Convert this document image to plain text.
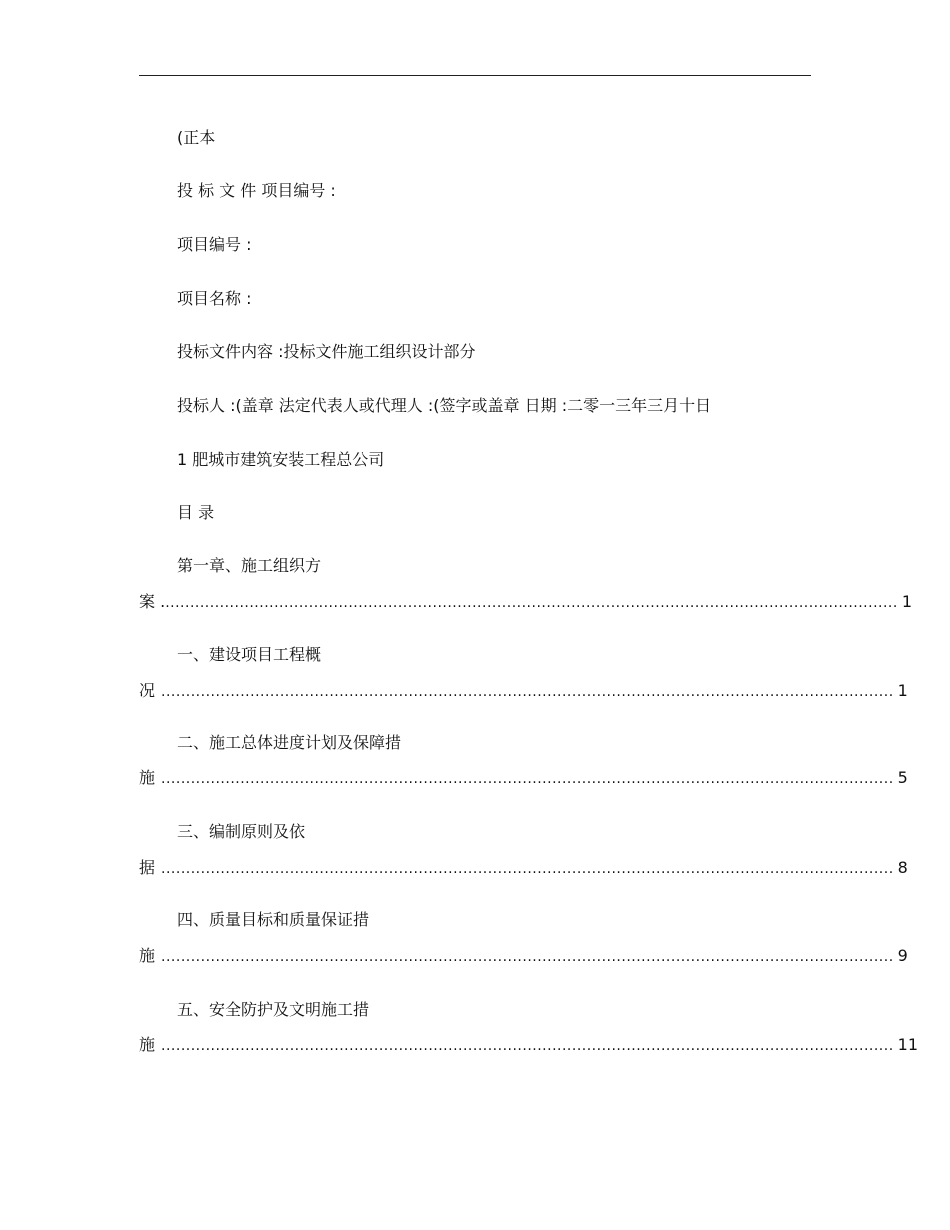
(正本
投 标 文 件 项目编号 :
项目编号 :
项目名称 :
投标文件内容 :投标文件施工组织设计部分
投标人 :(盖章 法定代表人或代理人 :(签字或盖章 日期 :二零一三年三月十日
1 肥城市建筑安装工程总公司
目 录
第一章、施工组织方
案 . .................................................................................................................................................... 1
一、建设项目工程概
况 .................................................................................................................................................... 1
二、施工总体进度计划及保障措
施 .................................................................................................................................................... 5
三、编制原则及依
据 .................................................................................................................................................... 8
四、质量目标和质量保证措
施 .................................................................................................................................................... 9
五、安全防护及文明施工措
施 .................................................................................................................................................... 11
